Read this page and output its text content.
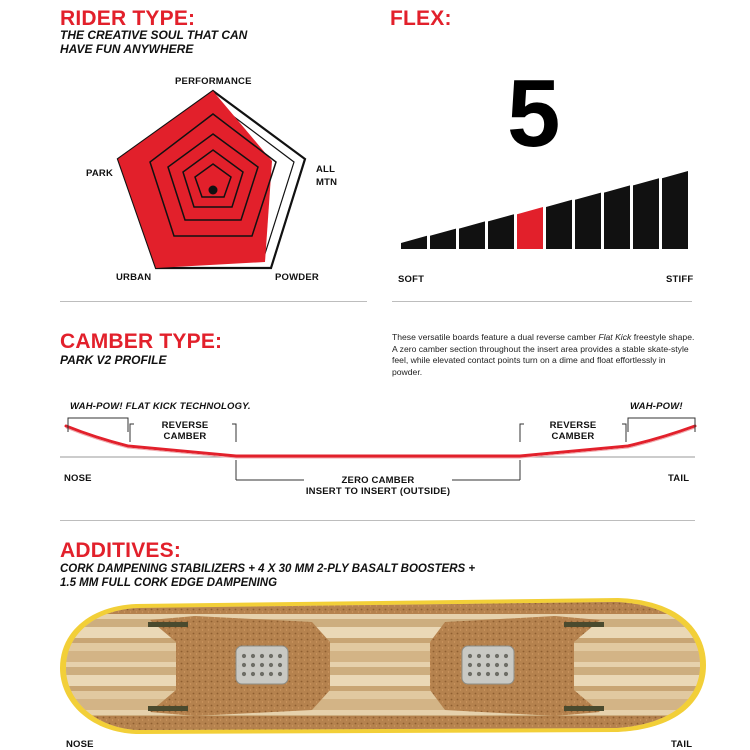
RIDER TYPE:
THE CREATIVE SOUL THAT CAN
HAVE FUN ANYWHERE
PERFORMANCE
ALL
MTN
POWDER
URBAN
PARK
FLEX:
5
SOFT	STIFF
CAMBER TYPE:
PARK V2 PROFILE
These versatile boards feature a dual reverse camber Flat Kick freestyle shape. A zero camber section throughout the insert area provides a stable skate-style feel, while elevated contact points turn on a dime and float effortlessly in powder.
WAH-POW! FLAT KICK TECHNOLOGY.	WAH-POW!
REVERSE
CAMBER
REVERSE
CAMBER
NOSE	TAIL
ZERO CAMBER
INSERT TO INSERT (OUTSIDE)
ADDITIVES:
CORK DAMPENING STABILIZERS + 4 X 30 MM 2-PLY BASALT BOOSTERS +
1.5 MM FULL CORK EDGE DAMPENING
NOSE	TAIL
